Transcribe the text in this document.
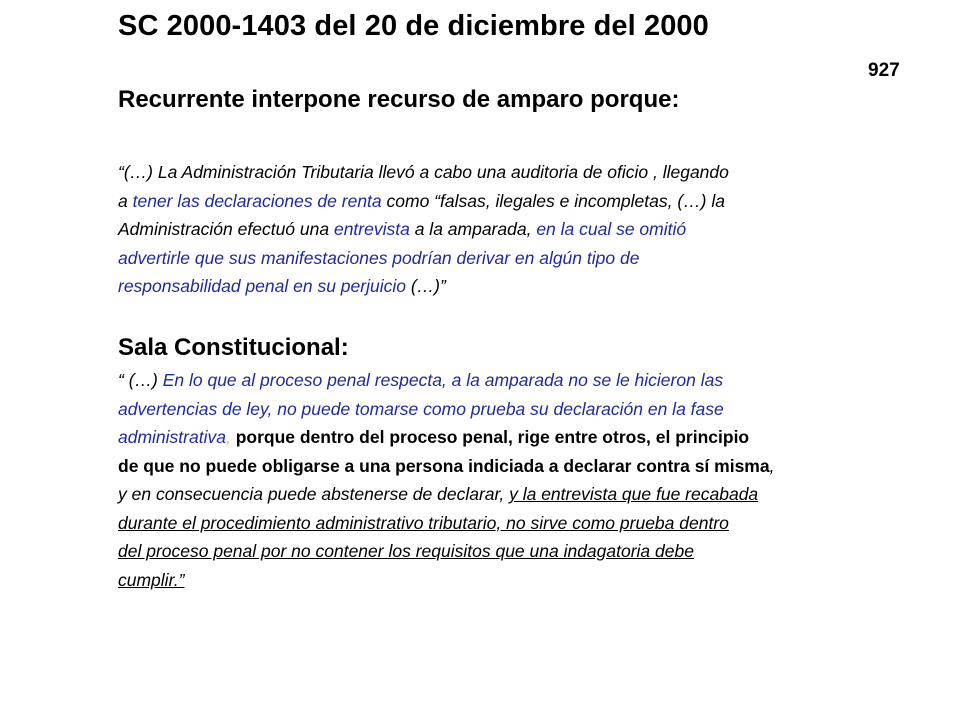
SC 2000-1403 del 20 de diciembre del 2000
927
Recurrente interpone recurso de amparo porque:
“(…) La Administración Tributaria llevó a cabo una auditoria de oficio , llegando
a tener las declaraciones de renta como “falsas, ilegales e incompletas, (…) la
Administración efectuó una entrevista a la amparada, en la cual se omitió
advertirle que sus manifestaciones podrían derivar en algún tipo de
responsabilidad penal en su perjuicio (…)”
Sala Constitucional:
“ (…) En lo que al proceso penal respecta, a la amparada no se le hicieron las
advertencias de ley, no puede tomarse como prueba su declaración en la fase
administrativa, porque dentro del proceso penal, rige entre otros, el principio
de que no puede obligarse a una persona indiciada a declarar contra sí misma,
y en consecuencia puede abstenerse de declarar, y la entrevista que fue recabada
durante el procedimiento administrativo tributario, no sirve como prueba dentro
del proceso penal por no contener los requisitos que una indagatoria debe
cumplir.”
